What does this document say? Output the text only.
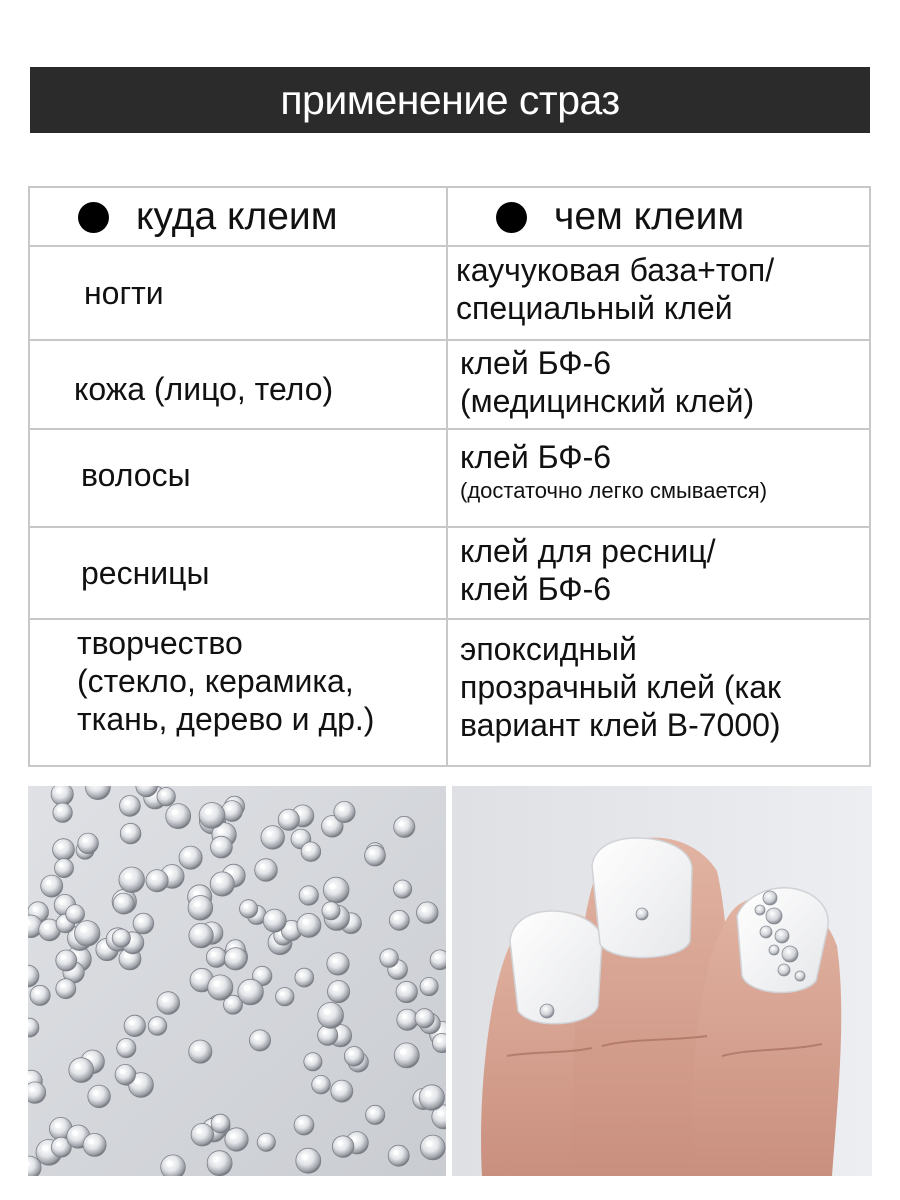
применение страз
куда клеим	чем клеим
ногти
каучуковая база+топ/
специальный клей
кожа (лицо, тело)
клей БФ-6
(медицинский клей)
волосы	клей БФ-6
(достаточно легко смывается)
ресницы
клей для ресниц/
клей БФ-6
творчество
(стекло, керамика,
ткань, дерево и др.)
эпоксидный
прозрачный клей (как
вариант клей B-7000)
